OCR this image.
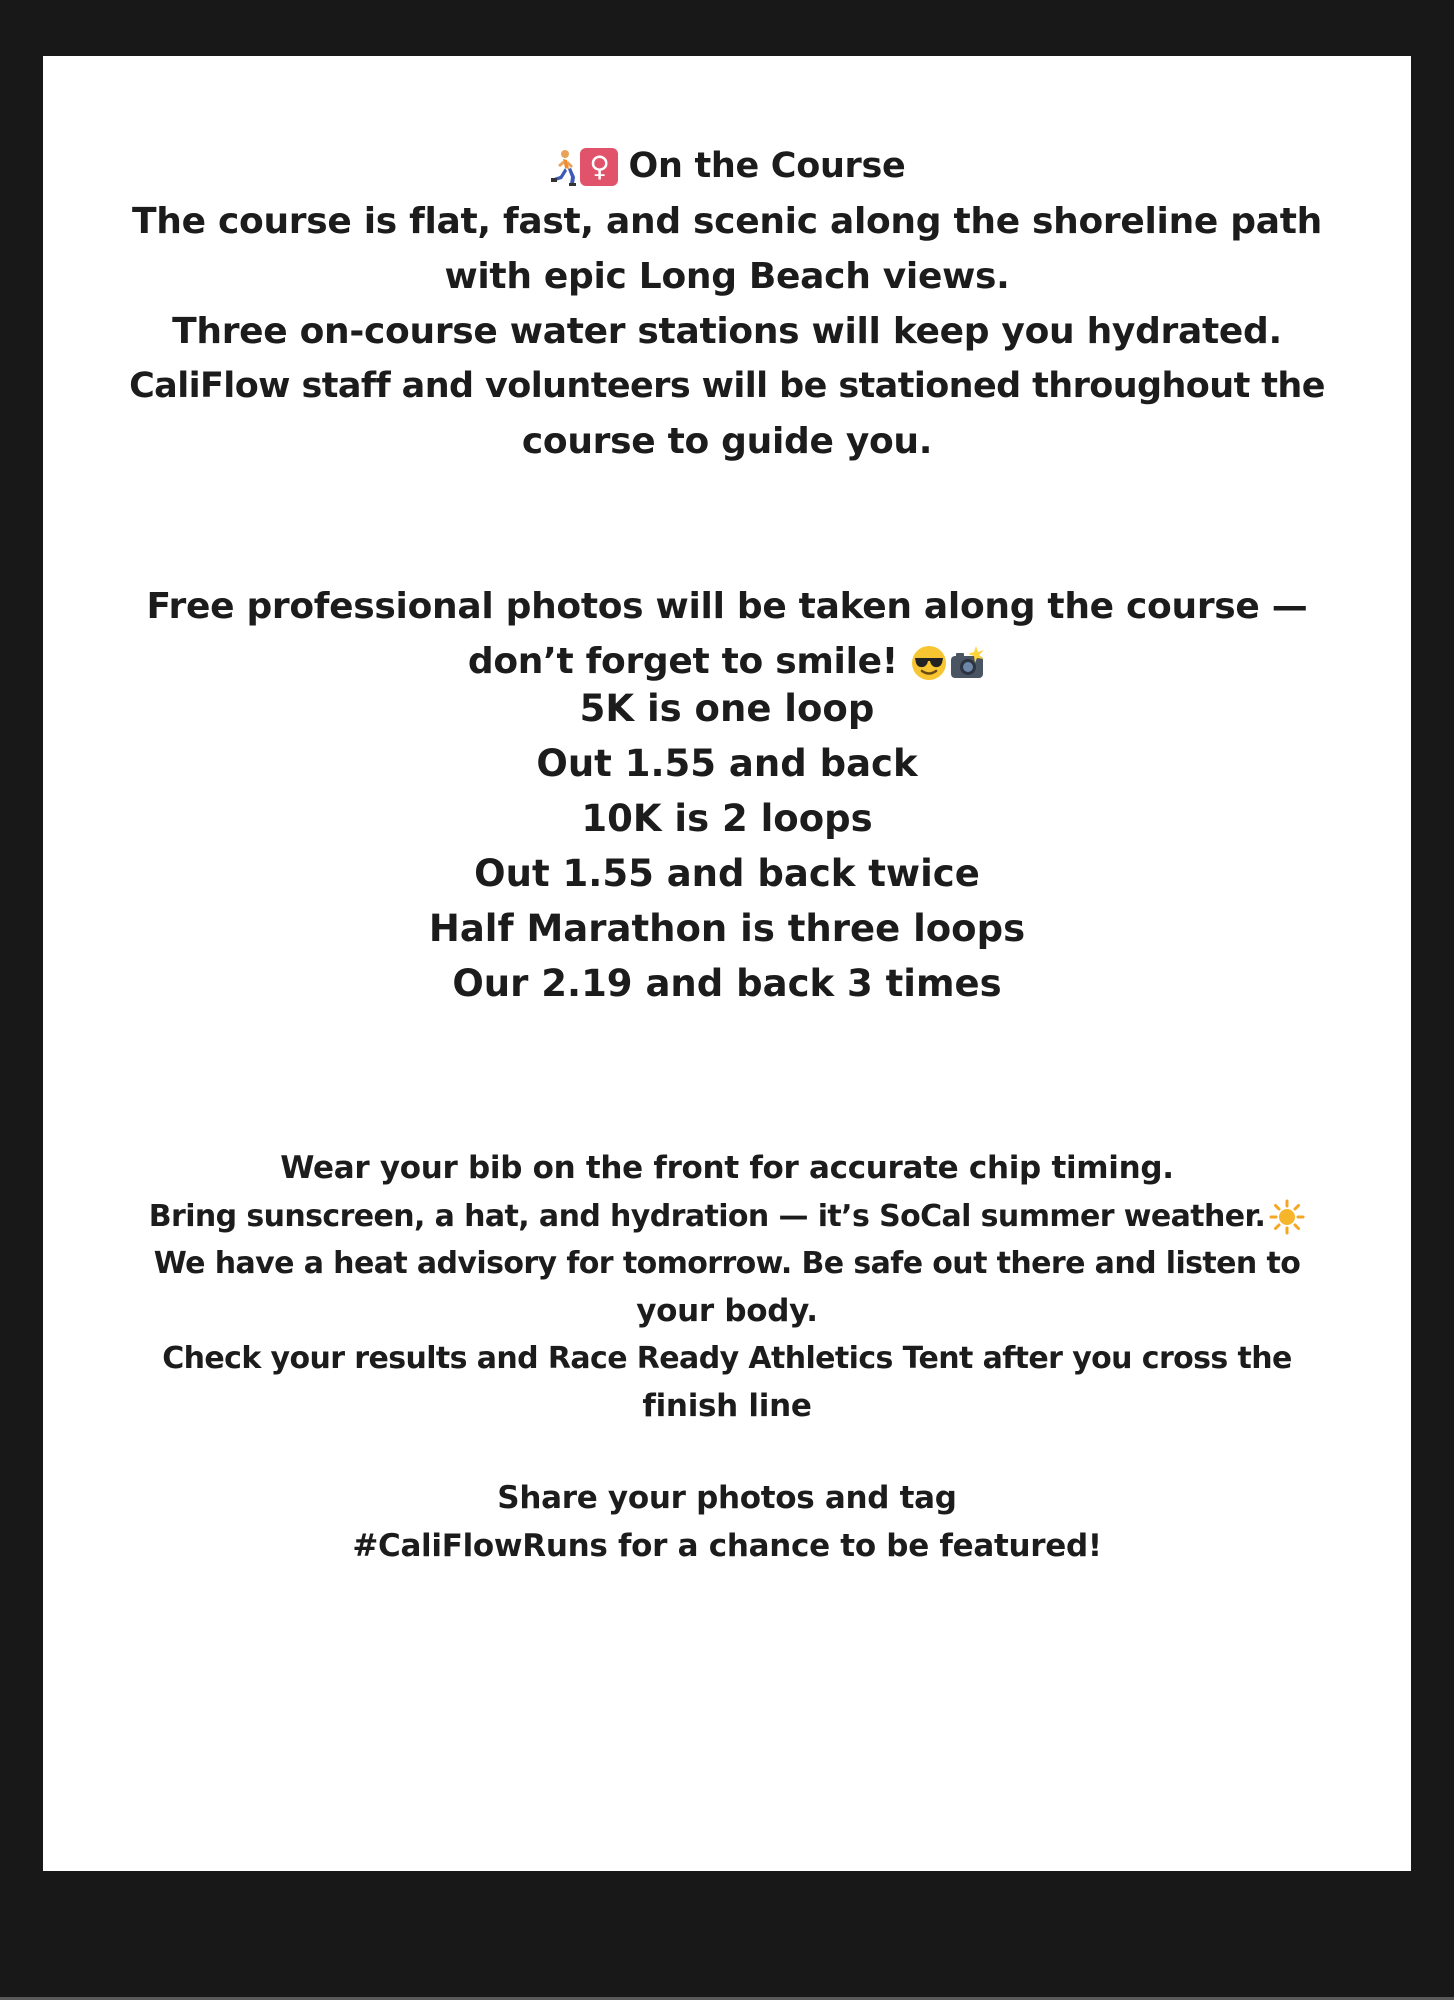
♀ On the Course
The course is flat, fast, and scenic along the shoreline path
with epic Long Beach views.
Three on-course water stations will keep you hydrated.
CaliFlow staff and volunteers will be stationed throughout the
course to guide you.
Free professional photos will be taken along the course —
don’t forget to smile!
5K is one loop
Out 1.55 and back
10K is 2 loops
Out 1.55 and back twice
Half Marathon is three loops
Our 2.19 and back 3 times
Wear your bib on the front for accurate chip timing.
Bring sunscreen, a hat, and hydration — it’s SoCal summer weather.
We have a heat advisory for tomorrow. Be safe out there and listen to
your body.
Check your results and Race Ready Athletics Tent after you cross the
finish line
Share your photos and tag
#CaliFlowRuns for a chance to be featured!
